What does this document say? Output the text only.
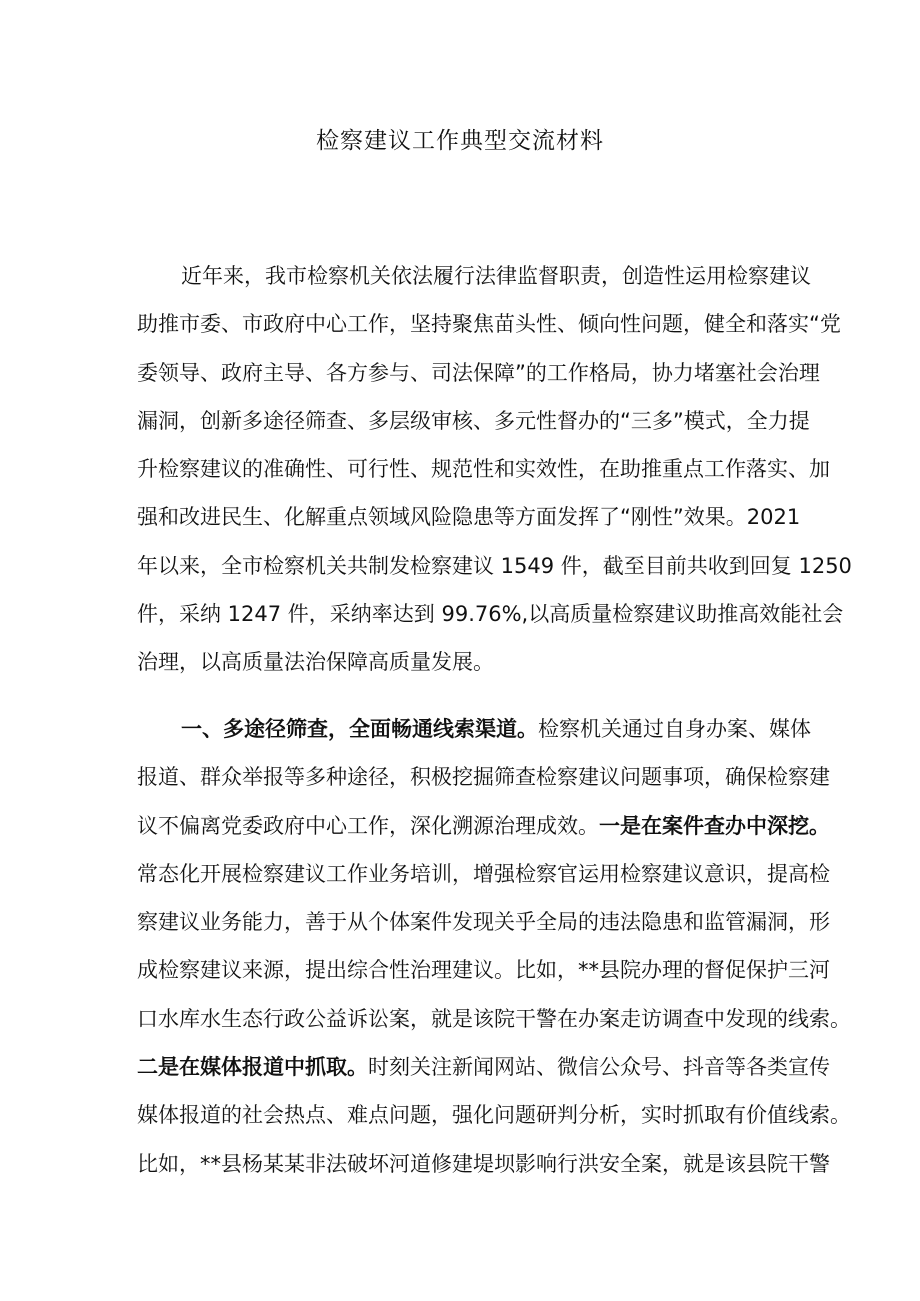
检察建议工作典型交流材料
近年来，我市检察机关依法履行法律监督职责，创造性运用检察建议
助推市委、市政府中心工作，坚持聚焦苗头性、倾向性问题，健全和落实“党
委领导、政府主导、各方参与、司法保障”的工作格局，协力堵塞社会治理
漏洞，创新多途径筛查、多层级审核、多元性督办的“三多”模式，全力提
升检察建议的准确性、可行性、规范性和实效性，在助推重点工作落实、加
强和改进民生、化解重点领域风险隐患等方面发挥了“刚性”效果。2021
年以来，全市检察机关共制发检察建议 1549 件，截至目前共收到回复 1250
件，采纳 1247 件，采纳率达到 99.76%,以高质量检察建议助推高效能社会
治理，以高质量法治保障高质量发展。
一、多途径筛查，全面畅通线索渠道。检察机关通过自身办案、媒体
报道、群众举报等多种途径，积极挖掘筛查检察建议问题事项，确保检察建
议不偏离党委政府中心工作，深化溯源治理成效。一是在案件查办中深挖。
常态化开展检察建议工作业务培训，增强检察官运用检察建议意识，提高检
察建议业务能力，善于从个体案件发现关乎全局的违法隐患和监管漏洞，形
成检察建议来源，提出综合性治理建议。比如，**县院办理的督促保护三河
口水库水生态行政公益诉讼案，就是该院干警在办案走访调查中发现的线索。
二是在媒体报道中抓取。时刻关注新闻网站、微信公众号、抖音等各类宣传
媒体报道的社会热点、难点问题，强化问题研判分析，实时抓取有价值线索。
比如，**县杨某某非法破坏河道修建堤坝影响行洪安全案，就是该县院干警
